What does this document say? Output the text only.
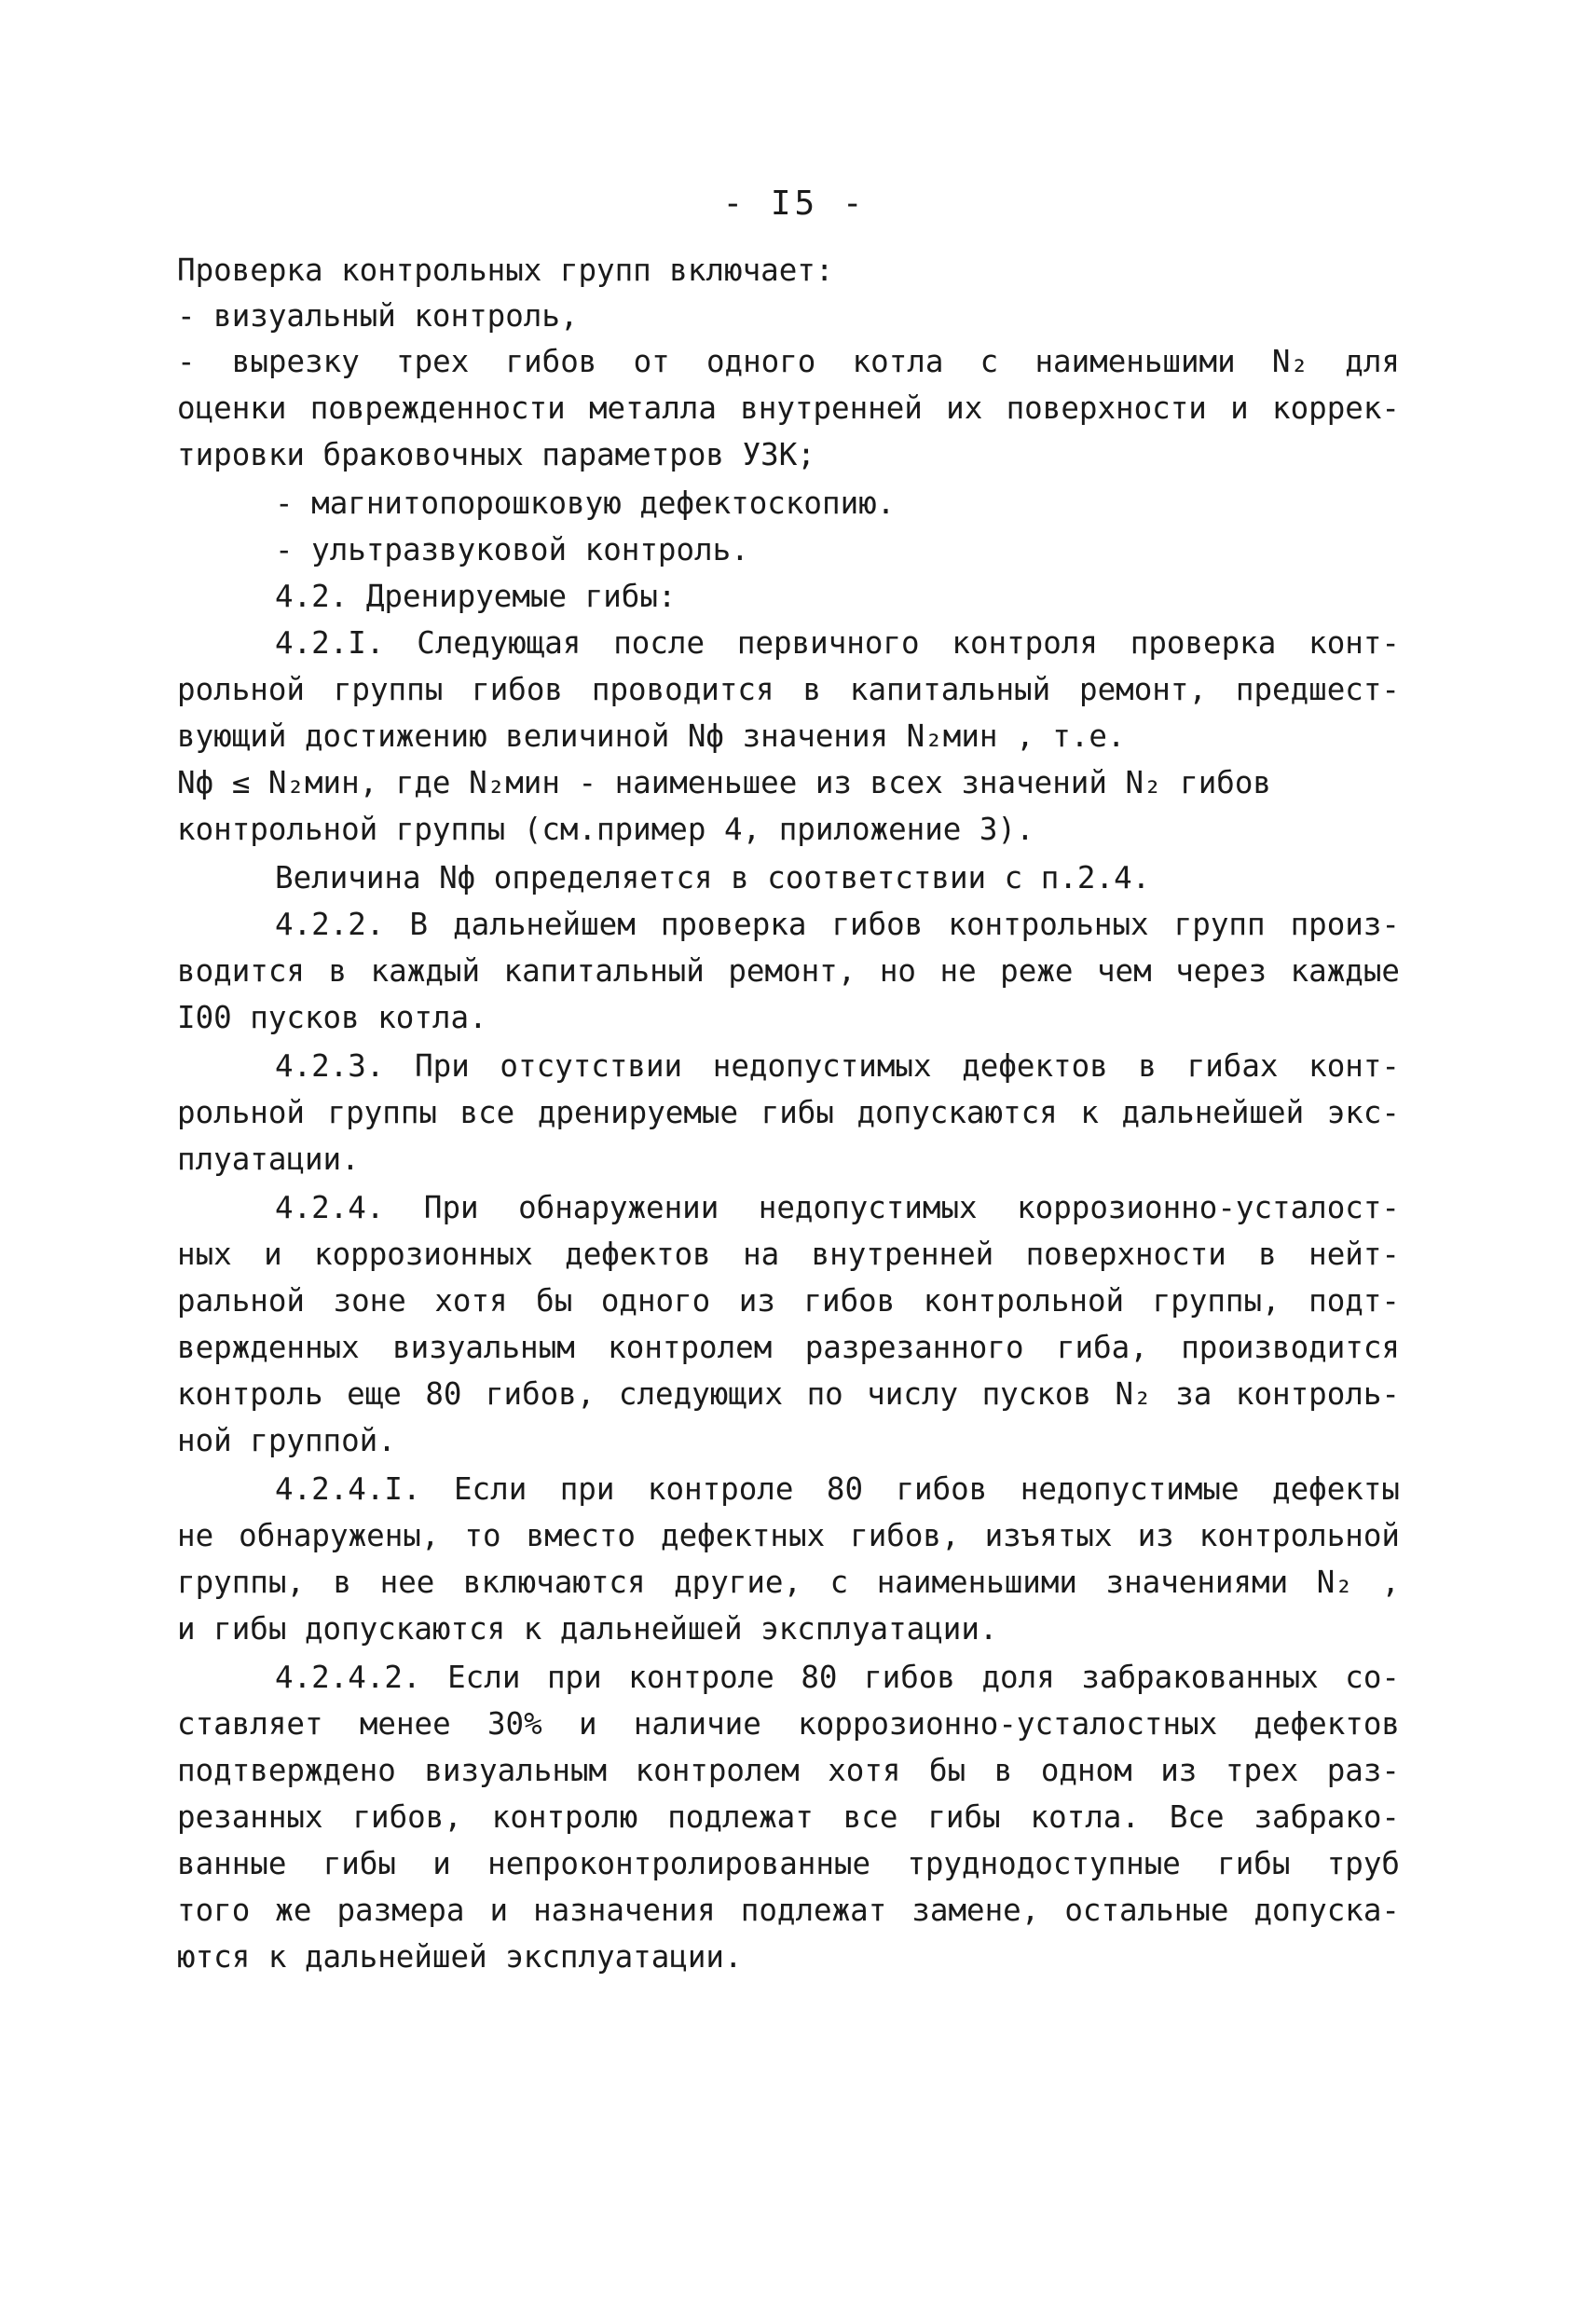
- I5 -
Проверка контрольных групп включает:
- визуальный контроль,
- вырезку трех гибов от одного котла с наименьшими N₂ для
оценки поврежденности металла внутренней их поверхности и коррек-
тировки браковочных параметров УЗК;
- магнитопорошковую дефектоскопию.
- ультразвуковой контроль.
4.2. Дренируемые гибы:
4.2.I. Следующая после первичного контроля проверка конт-
рольной группы гибов проводится в капитальный ремонт, предшест-
вующий достижению величиной Nф значения N₂мин , т.е.
Nф ≤ N₂мин, где N₂мин - наименьшее из всех значений N₂ гибов
контрольной группы (см.пример 4, приложение 3).
Величина Nф определяется в соответствии с п.2.4.
4.2.2. В дальнейшем проверка гибов контрольных групп произ-
водится в каждый капитальный ремонт, но не реже чем через каждые
I00 пусков котла.
4.2.3. При отсутствии недопустимых дефектов в гибах конт-
рольной группы все дренируемые гибы допускаются к дальнейшей экс-
плуатации.
4.2.4. При обнаружении недопустимых коррозионно-усталост-
ных и коррозионных дефектов на внутренней поверхности в нейт-
ральной зоне хотя бы одного из гибов контрольной группы, подт-
вержденных визуальным контролем разрезанного гиба, производится
контроль еще 80 гибов, следующих по числу пусков N₂ за контроль-
ной группой.
4.2.4.I. Если при контроле 80 гибов недопустимые дефекты
не обнаружены, то вместо дефектных гибов, изъятых из контрольной
группы, в нее включаются другие, с наименьшими значениями N₂ ,
и гибы допускаются к дальнейшей эксплуатации.
4.2.4.2. Если при контроле 80 гибов доля забракованных со-
ставляет менее 30% и наличие коррозионно-усталостных дефектов
подтверждено визуальным контролем хотя бы в одном из трех раз-
резанных гибов, контролю подлежат все гибы котла. Все забрако-
ванные гибы и непроконтролированные труднодоступные гибы труб
того же размера и назначения подлежат замене, остальные допуска-
ются к дальнейшей эксплуатации.
